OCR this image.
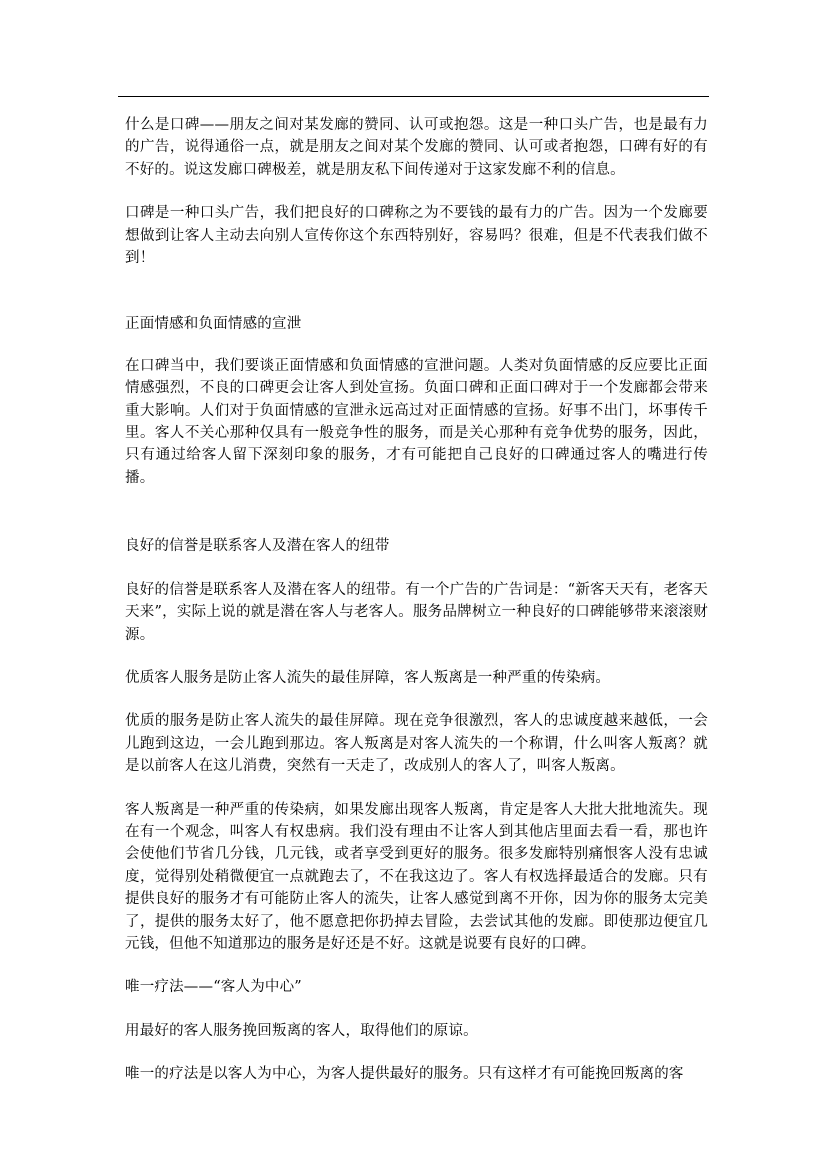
什么是口碑——朋友之间对某发廊的赞同、认可或抱怨。这是一种口头广告，也是最有力的广告，说得通俗一点，就是朋友之间对某个发廊的赞同、认可或者抱怨，口碑有好的有不好的。说这发廊口碑极差，就是朋友私下间传递对于这家发廊不利的信息。

口碑是一种口头广告，我们把良好的口碑称之为不要钱的最有力的广告。因为一个发廊要想做到让客人主动去向别人宣传你这个东西特别好，容易吗？很难，但是不代表我们做不到！

正面情感和负面情感的宣泄

在口碑当中，我们要谈正面情感和负面情感的宣泄问题。人类对负面情感的反应要比正面情感强烈，不良的口碑更会让客人到处宣扬。负面口碑和正面口碑对于一个发廊都会带来重大影响。人们对于负面情感的宣泄永远高过对正面情感的宣扬。好事不出门，坏事传千里。客人不关心那种仅具有一般竞争性的服务，而是关心那种有竞争优势的服务，因此，只有通过给客人留下深刻印象的服务，才有可能把自己良好的口碑通过客人的嘴进行传播。

良好的信誉是联系客人及潜在客人的纽带

良好的信誉是联系客人及潜在客人的纽带。有一个广告的广告词是：“新客天天有，老客天天来”，实际上说的就是潜在客人与老客人。服务品牌树立一种良好的口碑能够带来滚滚财源。

优质客人服务是防止客人流失的最佳屏障，客人叛离是一种严重的传染病。

优质的服务是防止客人流失的最佳屏障。现在竞争很激烈，客人的忠诚度越来越低，一会儿跑到这边，一会儿跑到那边。客人叛离是对客人流失的一个称谓，什么叫客人叛离？就是以前客人在这儿消费，突然有一天走了，改成别人的客人了，叫客人叛离。

客人叛离是一种严重的传染病，如果发廊出现客人叛离，肯定是客人大批大批地流失。现在有一个观念，叫客人有权患病。我们没有理由不让客人到其他店里面去看一看，那也许会使他们节省几分钱，几元钱，或者享受到更好的服务。很多发廊特别痛恨客人没有忠诚度，觉得别处稍微便宜一点就跑去了，不在我这边了。客人有权选择最适合的发廊。只有提供良好的服务才有可能防止客人的流失，让客人感觉到离不开你，因为你的服务太完美了，提供的服务太好了，他不愿意把你扔掉去冒险，去尝试其他的发廊。即使那边便宜几元钱，但他不知道那边的服务是好还是不好。这就是说要有良好的口碑。

唯一疗法——“客人为中心”

用最好的客人服务挽回叛离的客人，取得他们的原谅。

唯一的疗法是以客人为中心，为客人提供最好的服务。只有这样才有可能挽回叛离的客
